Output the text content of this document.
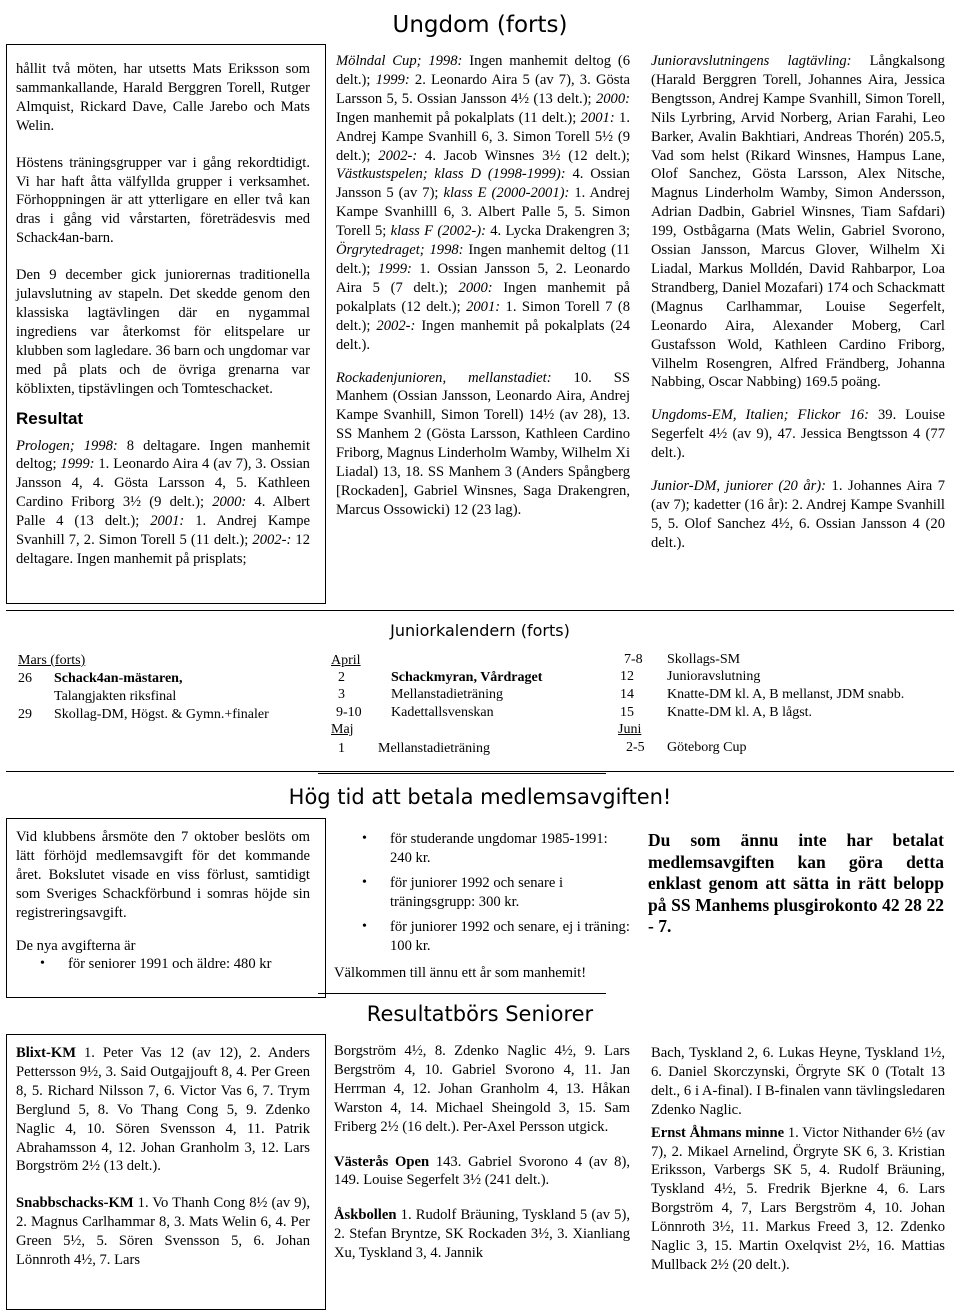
Ungdom (forts)

hållit två möten, har utsetts Mats Eriksson som sammankallande, Harald Berggren Torell, Rutger Almquist, Rickard Dave, Calle Jarebo och Mats Welin.

Höstens träningsgrupper var i gång rekordtidigt. Vi har haft åtta välfyllda grupper i verksamhet. Förhoppningen är att ytterligare en eller två kan dras i gång vid vårstarten, företrädesvis med Schack4an-barn.

Den 9 december gick juniorernas traditionella julavslutning av stapeln. Det skedde genom den klassiska lagtävlingen där en nygammal ingrediens var återkomst för elitspelare ur klubben som lagledare. 36 barn och ungdomar var med på plats och de övriga grenarna var köblixten, tipstävlingen och Tomteschacket.

Resultat

Prologen; 1998: 8 deltagare. Ingen manhemit deltog; 1999: 1. Leonardo Aira 4 (av 7), 3. Ossian Jansson 4, 4. Gösta Larsson 4, 5. Kathleen Cardino Friborg 3½ (9 delt.); 2000: 4. Albert Palle 4 (13 delt.); 2001: 1. Andrej Kampe Svanhill 7, 2. Simon Torell 5 (11 delt.); 2002-: 12 deltagare. Ingen manhemit på prisplats;

Mölndal Cup; 1998: Ingen manhemit deltog (6 delt.); 1999: 2. Leonardo Aira 5 (av 7), 3. Gösta Larsson 5, 5. Ossian Jansson 4½ (13 delt.); 2000: Ingen manhemit på pokalplats (11 delt.); 2001: 1. Andrej Kampe Svanhill 6, 3. Simon Torell 5½ (9 delt.); 2002-: 4. Jacob Winsnes 3½ (12 delt.); Västkustspelen; klass D (1998-1999): 4. Ossian Jansson 5 (av 7); klass E (2000-2001): 1. Andrej Kampe Svanhilll 6, 3. Albert Palle 5, 5. Simon Torell 5; klass F (2002-): 4. Lycka Drakengren 3; Örgrytedraget; 1998: Ingen manhemit deltog (11 delt.); 1999: 1. Ossian Jansson 5, 2. Leonardo Aira 5 (7 delt.); 2000: Ingen manhemit på pokalplats (12 delt.); 2001: 1. Simon Torell 7 (8 delt.); 2002-: Ingen manhemit på pokalplats (24 delt.).

Rockadenjunioren, mellanstadiet: 10. SS Manhem (Ossian Jansson, Leonardo Aira, Andrej Kampe Svanhill, Simon Torell) 14½ (av 28), 13. SS Manhem 2 (Gösta Larsson, Kathleen Cardino Friborg, Magnus Linderholm Wamby, Wilhelm Xi Liadal) 13, 18. SS Manhem 3 (Anders Spångberg [Rockaden], Gabriel Winsnes, Saga Drakengren, Marcus Ossowicki) 12 (23 lag).

Junioravslutningens lagtävling: Långkalsong (Harald Berggren Torell, Johannes Aira, Jessica Bengtsson, Andrej Kampe Svanhill, Simon Torell, Nils Lyrbring, Arvid Norberg, Arian Farahi, Leo Barker, Avalin Bakhtiari, Andreas Thorén) 205.5, Vad som helst (Rikard Winsnes, Hampus Lane, Olof Sanchez, Gösta Larsson, Alex Nitsche, Magnus Linderholm Wamby, Simon Andersson, Adrian Dadbin, Gabriel Winsnes, Tiam Safdari) 199, Ostbågarna (Mats Welin, Gabriel Svorono, Ossian Jansson, Marcus Glover, Wilhelm Xi Liadal, Markus Molldén, David Rahbarpor, Loa Strandberg, Daniel Mozafari) 174 och Schackmatt (Magnus Carlhammar, Louise Segerfelt, Leonardo Aira, Alexander Moberg, Carl Gustafsson Wold, Kathleen Cardino Friborg, Vilhelm Rosengren, Alfred Frändberg, Johanna Nabbing, Oscar Nabbing) 169.5 poäng.

Ungdoms-EM, Italien; Flickor 16: 39. Louise Segerfelt 4½ (av 9), 47. Jessica Bengtsson 4 (77 delt.).

Junior-DM, juniorer (20 år): 1. Johannes Aira 7 (av 7); kadetter (16 år): 2. Andrej Kampe Svanhill 5, 5. Olof Sanchez 4½, 6. Ossian Jansson 4 (20 delt.).

Juniorkalendern (forts)
Mars (forts)
26 Schack4an-mästaren,
Talangjakten riksfinal
29 Skollag-DM, Högst. & Gymn.+finaler
April
2	Schackmyran, Vårdraget
3	Mellanstadieträning
9-10 Kadettallsvenskan
Maj
1 Mellanstadieträning
7-8 Skollags-SM
12 Junioravslutning
14 Knatte-DM kl. A, B mellanst, JDM snabb.
15 Knatte-DM kl. A, B lågst.
Juni
2-5 Göteborg Cup
Hög tid att betala medlemsavgiften!

Vid klubbens årsmöte den 7 oktober beslöts om lätt förhöjd medlemsavgift för det kommande året. Bokslutet visade en viss förlust, samtidigt som Sveriges Schackförbund i somras höjde sin registreringsavgift.

De nya avgifterna är

•	för seniorer 1991 och äldre: 480 kr
•	för studerande ungdomar 1985-1991: 240 kr.
•	för juniorer 1992 och senare i träningsgrupp: 300 kr.
•	för juniorer 1992 och senare, ej i träning: 100 kr.
Välkommen till ännu ett år som manhemit!
Du som ännu inte har betalat medlemsavgiften kan göra detta enklast genom att sätta in rätt belopp på SS Manhems plusgirokonto 42 28 22 - 7.
Resultatbörs Seniorer

Blixt-KM 1. Peter Vas 12 (av 12), 2. Anders Pettersson 9½, 3. Said Outgajjouft 8, 4. Per Green 8, 5. Richard Nilsson 7, 6. Victor Vas 6, 7. Trym Berglund 5, 8. Vo Thang Cong 5, 9. Zdenko Naglic 4, 10. Sören Svensson 4, 11. Patrik Abrahamsson 4, 12. Johan Granholm 3, 12. Lars Borgström 2½ (13 delt.).

Snabbschacks-KM 1. Vo Thanh Cong 8½ (av 9), 2. Magnus Carlhammar 8, 3. Mats Welin 6, 4. Per Green 5½, 5. Sören Svensson 5, 6. Johan Lönnroth 4½, 7. Lars

Borgström 4½, 8. Zdenko Naglic 4½, 9. Lars Bergström 4, 10. Gabriel Svorono 4, 11. Jan Herrman 4, 12. Johan Granholm 4, 13. Håkan Warston 4, 14. Michael Sheingold 3, 15. Sam Friberg 2½ (16 delt.). Per-Axel Persson utgick.

Västerås Open 143. Gabriel Svorono 4 (av 8), 149. Louise Segerfelt 3½ (241 delt.).

Åskbollen 1. Rudolf Bräuning, Tyskland 5 (av 5), 2. Stefan Bryntze, SK Rockaden 3½, 3. Xianliang Xu, Tyskland 3, 4. Jannik

Bach, Tyskland 2, 6. Lukas Heyne, Tyskland 1½, 6. Daniel Skorczynski, Örgryte SK 0 (Totalt 13 delt., 6 i A-final). I B-finalen vann tävlingsledaren Zdenko Naglic.

Ernst Åhmans minne 1. Victor Nithander 6½ (av 7), 2. Mikael Arnelind, Örgryte SK 6, 3. Kristian Eriksson, Varbergs SK 5, 4. Rudolf Bräuning, Tyskland 4½, 5. Fredrik Bjerkne 4, 6. Lars Borgström 4, 7, Lars Bergström 4, 10. Johan Lönnroth 3½, 11. Markus Freed 3, 12. Zdenko Naglic 3, 15. Martin Oxelqvist 2½, 16. Mattias Mullback 2½ (20 delt.).
